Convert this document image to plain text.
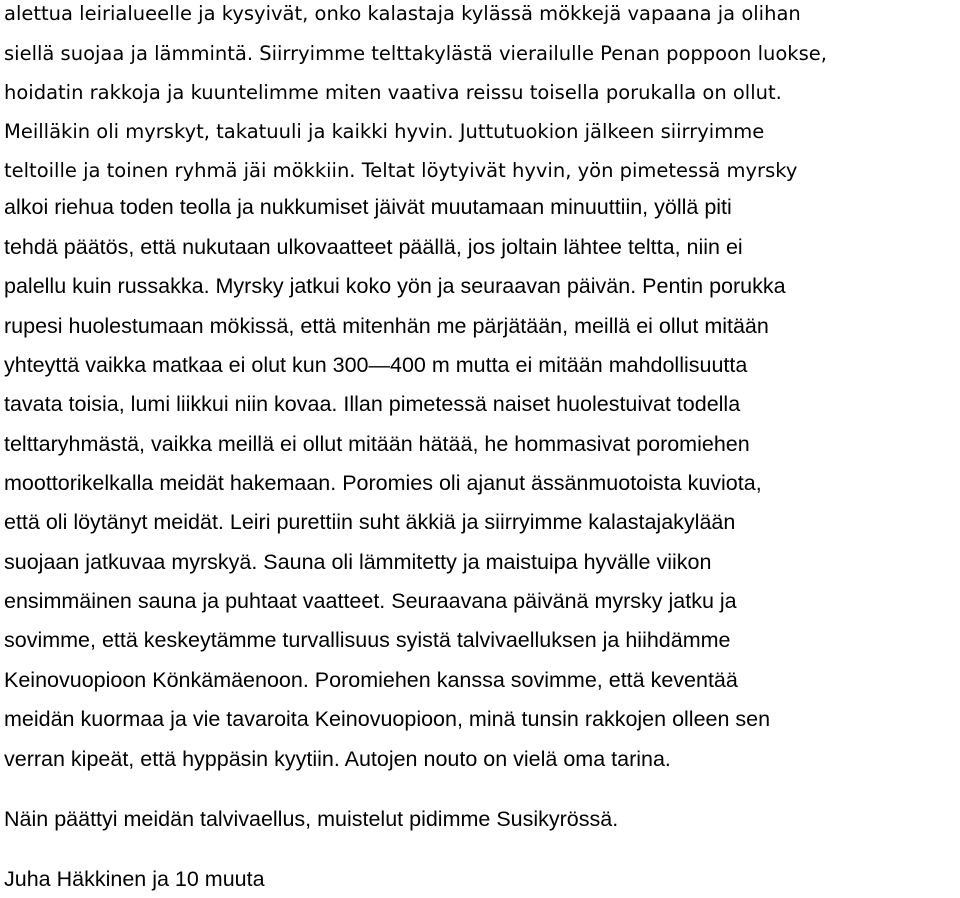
alettua leirialueelle ja kysyivät, onko kalastaja kylässä mökkejä vapaana ja olihan
siellä suojaa ja lämmintä. Siirryimme telttakylästä vierailulle Penan poppoon luokse,
hoidatin rakkoja ja kuuntelimme miten vaativa reissu toisella porukalla on ollut.
Meilläkin oli myrskyt, takatuuli ja kaikki hyvin. Juttutuokion jälkeen siirryimme
teltoille ja toinen ryhmä jäi mökkiin. Teltat löytyivät hyvin, yön pimetessä myrsky
alkoi riehua toden teolla ja nukkumiset jäivät muutamaan minuuttiin, yöllä piti
tehdä päätös, että nukutaan ulkovaatteet päällä, jos joltain lähtee teltta, niin ei
palellu kuin russakka. Myrsky jatkui koko yön ja seuraavan päivän. Pentin porukka
rupesi huolestumaan mökissä, että mitenhän me pärjätään, meillä ei ollut mitään
yhteyttä vaikka matkaa ei olut kun 300—400 m mutta ei mitään mahdollisuutta
tavata toisia, lumi liikkui niin kovaa. Illan pimetessä naiset huolestuivat todella
telttaryhmästä, vaikka meillä ei ollut mitään hätää, he hommasivat poromiehen
moottorikelkalla meidät hakemaan. Poromies oli ajanut ässänmuotoista kuviota,
että oli löytänyt meidät. Leiri purettiin suht äkkiä ja siirryimme kalastajakylään
suojaan jatkuvaa myrskyä. Sauna oli lämmitetty ja maistuipa hyvälle viikon
ensimmäinen sauna ja puhtaat vaatteet. Seuraavana päivänä myrsky jatku ja
sovimme, että keskeytämme turvallisuus syistä talvivaelluksen ja hiihdämme
Keinovuopioon Könkämäenoon. Poromiehen kanssa sovimme, että keventää
meidän kuormaa ja vie tavaroita Keinovuopioon, minä tunsin rakkojen olleen sen
verran kipeät, että hyppäsin kyytiin. Autojen nouto on vielä oma tarina.
Näin päättyi meidän talvivaellus, muistelut pidimme Susikyrössä.
Juha Häkkinen ja 10 muuta
